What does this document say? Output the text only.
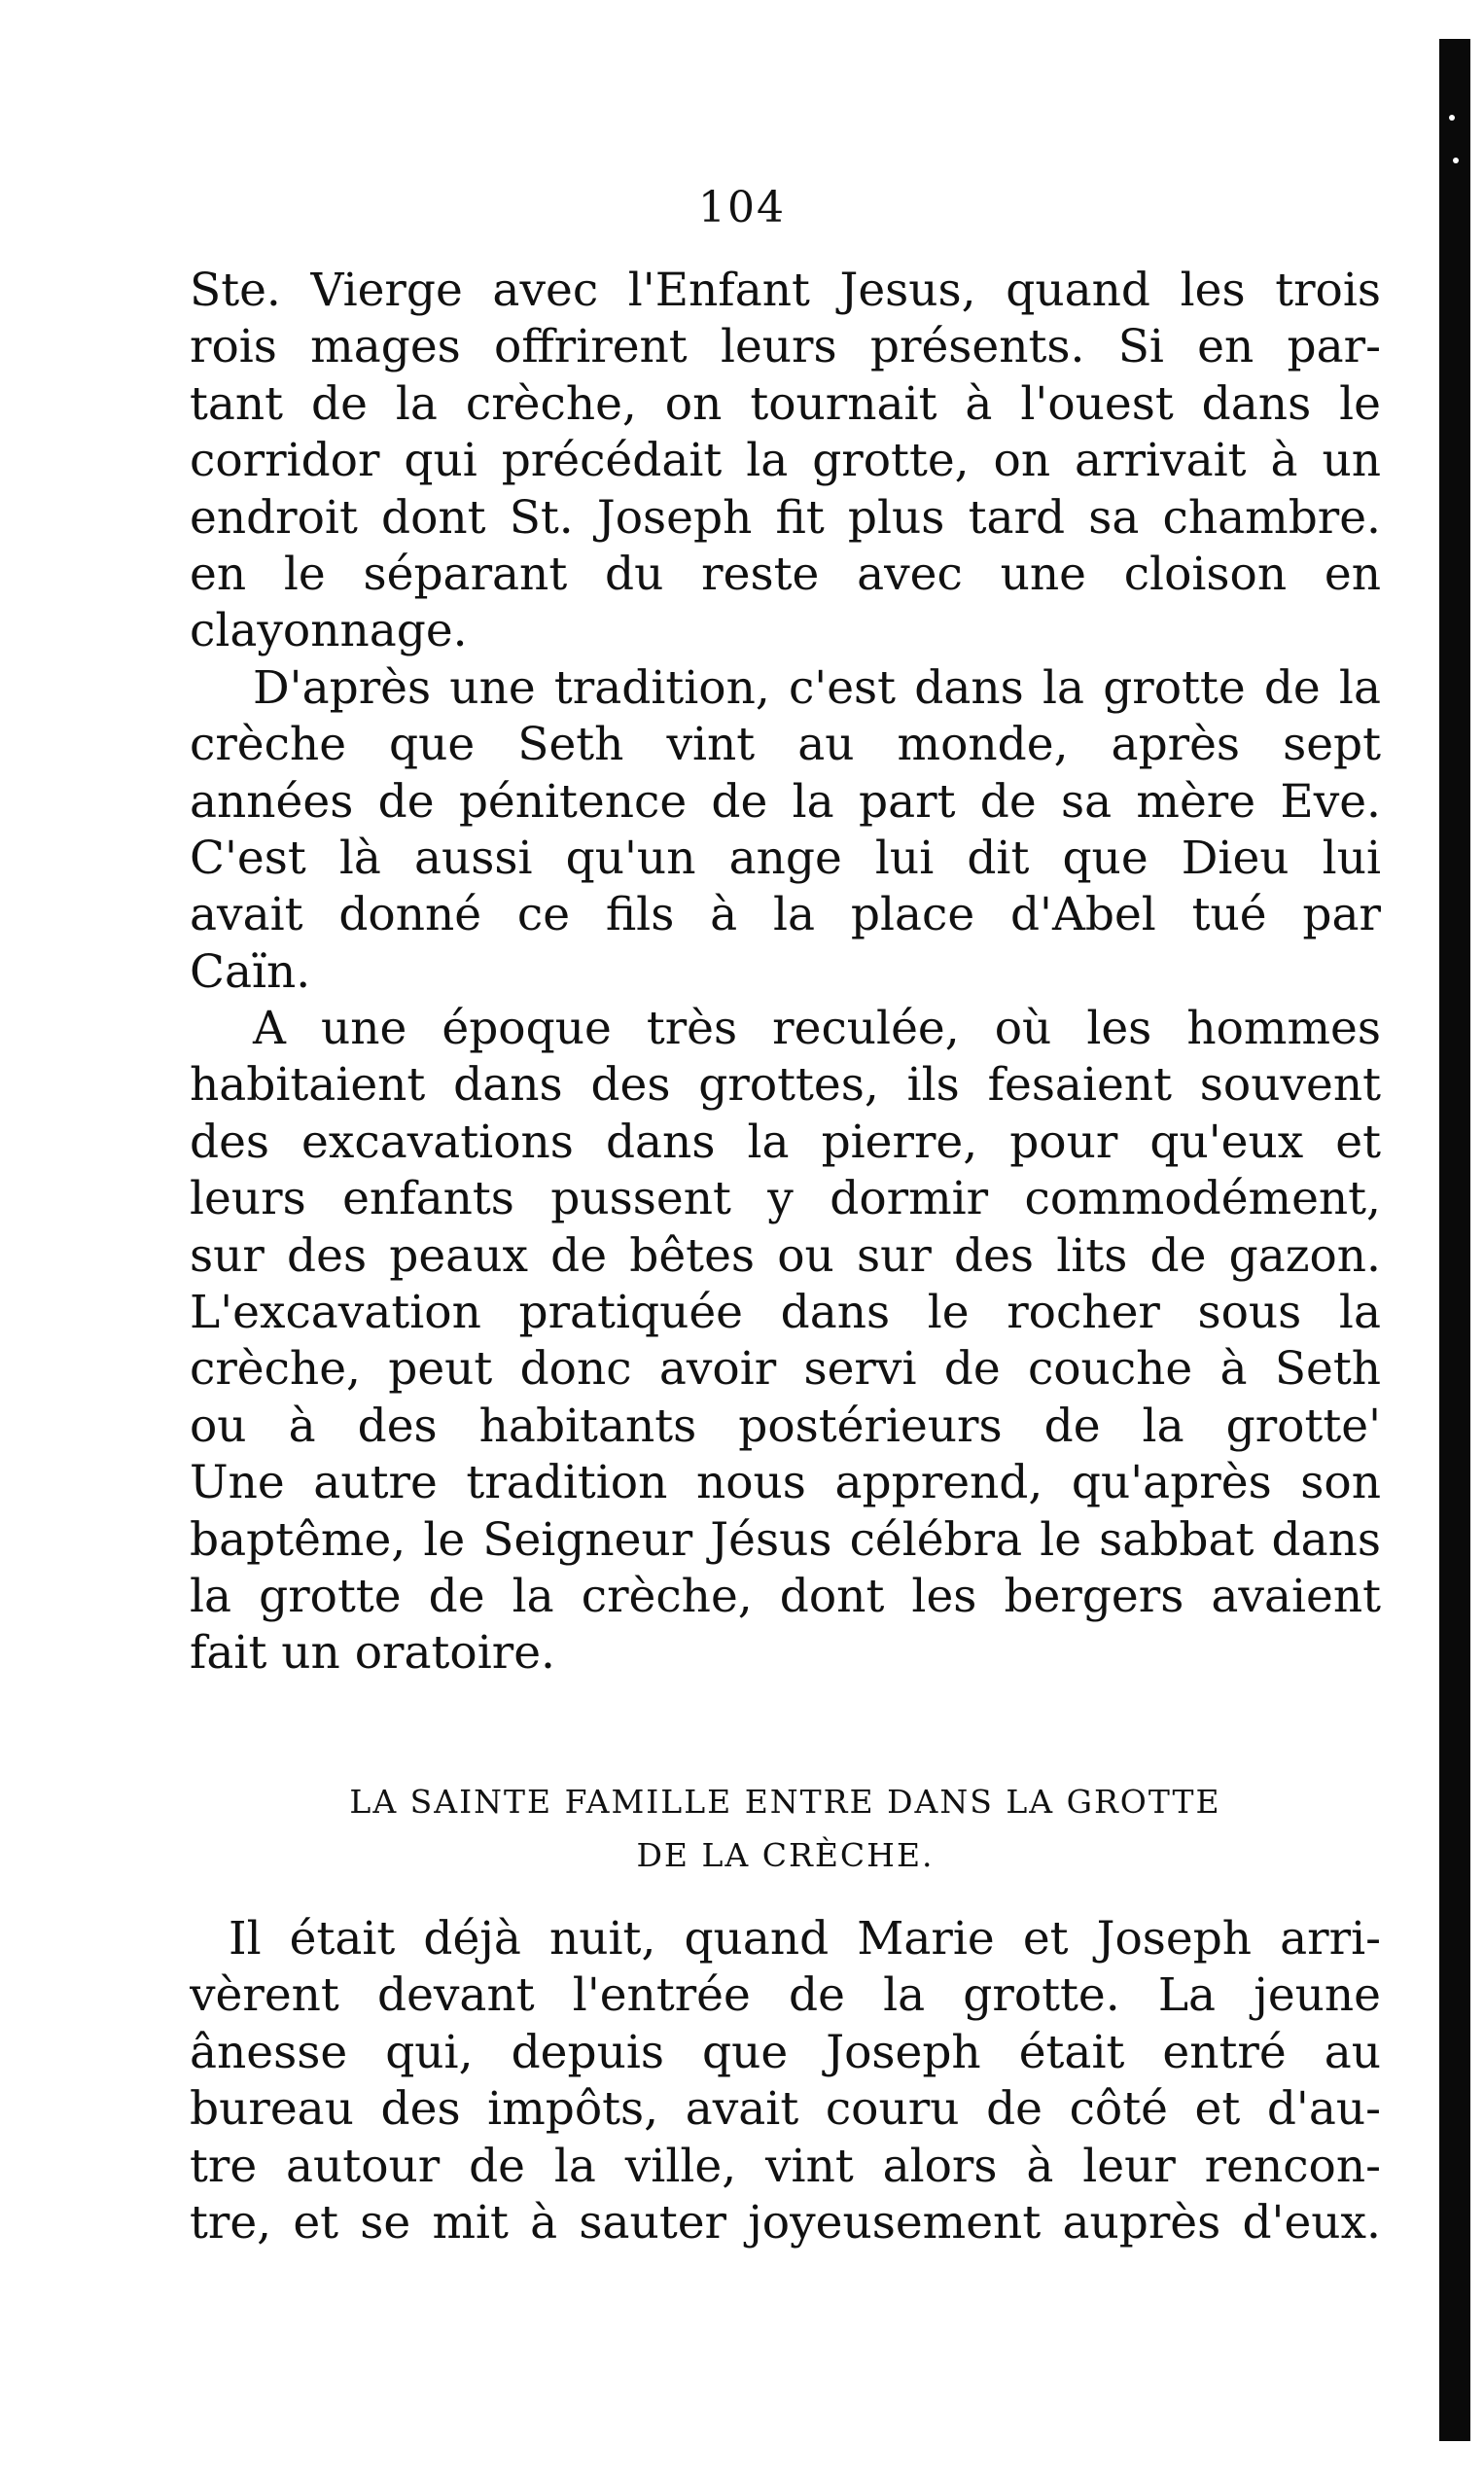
104
Ste. Vierge avec l'Enfant Jesus, quand les trois
rois mages offrirent leurs présents. Si en par-
tant de la crèche, on tournait à l'ouest dans le
corridor qui précédait la grotte, on arrivait à un
endroit dont St. Joseph fit plus tard sa chambre.
en le séparant du reste avec une cloison en
clayonnage.
D'après une tradition, c'est dans la grotte de la
crèche que Seth vint au monde, après sept
années de pénitence de la part de sa mère Eve.
C'est là aussi qu'un ange lui dit que Dieu lui
avait donné ce fils à la place d'Abel tué par
Caïn.
A une époque très reculée, où les hommes
habitaient dans des grottes, ils fesaient souvent
des excavations dans la pierre, pour qu'eux et
leurs enfants pussent y dormir commodément,
sur des peaux de bêtes ou sur des lits de gazon.
L'excavation pratiquée dans le rocher sous la
crèche, peut donc avoir servi de couche à Seth
ou à des habitants postérieurs de la grotte'
Une autre tradition nous apprend, qu'après son
baptême, le Seigneur Jésus célébra le sabbat dans
la grotte de la crèche, dont les bergers avaient
fait un oratoire.
LA SAINTE FAMILLE ENTRE DANS LA GROTTE
DE LA CRÈCHE.
Il était déjà nuit, quand Marie et Joseph arri-
vèrent devant l'entrée de la grotte. La jeune
ânesse qui, depuis que Joseph était entré au
bureau des impôts, avait couru de côté et d'au-
tre autour de la ville, vint alors à leur rencon-
tre, et se mit à sauter joyeusement auprès d'eux.
